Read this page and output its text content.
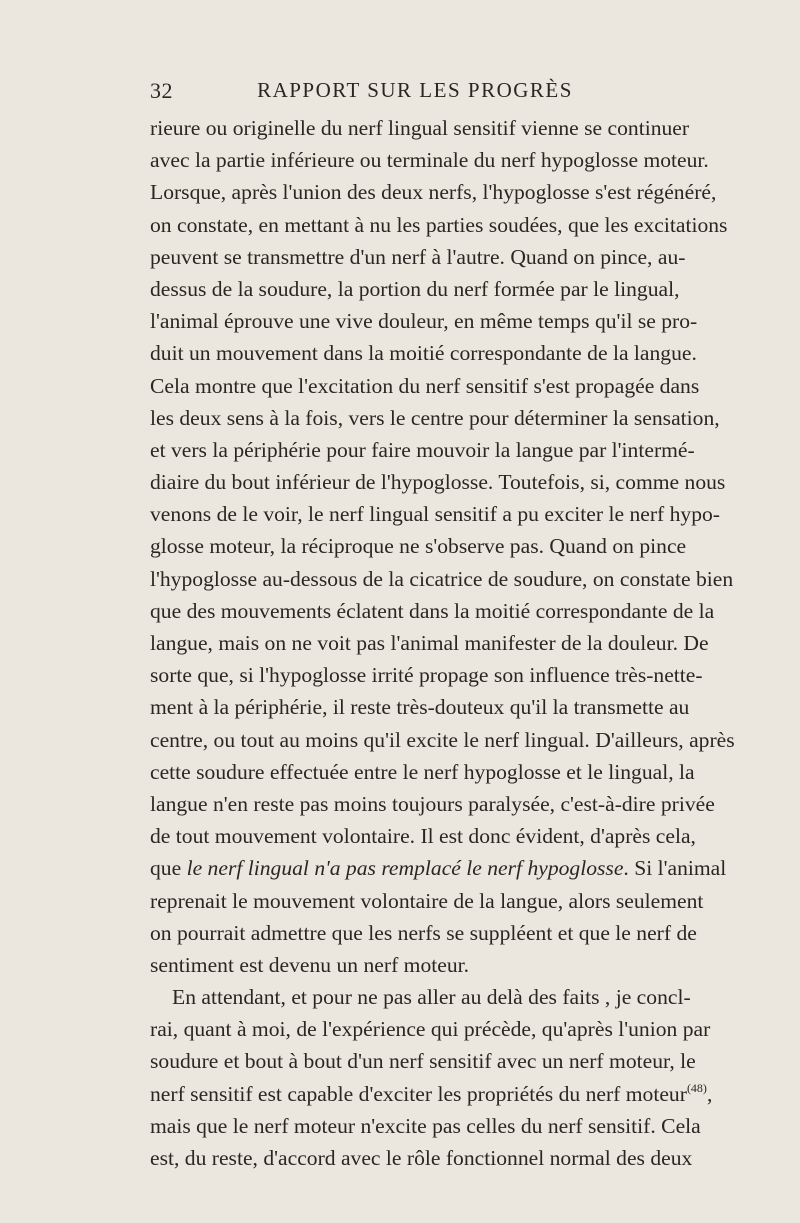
32	RAPPORT SUR LES PROGRÈS
rieure ou originelle du nerf lingual sensitif vienne se continuer
avec la partie inférieure ou terminale du nerf hypoglosse moteur.
Lorsque, après l'union des deux nerfs, l'hypoglosse s'est régénéré,
on constate, en mettant à nu les parties soudées, que les excitations
peuvent se transmettre d'un nerf à l'autre. Quand on pince, au-
dessus de la soudure, la portion du nerf formée par le lingual,
l'animal éprouve une vive douleur, en même temps qu'il se pro-
duit un mouvement dans la moitié correspondante de la langue.
Cela montre que l'excitation du nerf sensitif s'est propagée dans
les deux sens à la fois, vers le centre pour déterminer la sensation,
et vers la périphérie pour faire mouvoir la langue par l'intermé-
diaire du bout inférieur de l'hypoglosse. Toutefois, si, comme nous
venons de le voir, le nerf lingual sensitif a pu exciter le nerf hypo-
glosse moteur, la réciproque ne s'observe pas. Quand on pince
l'hypoglosse au-dessous de la cicatrice de soudure, on constate bien
que des mouvements éclatent dans la moitié correspondante de la
langue, mais on ne voit pas l'animal manifester de la douleur. De
sorte que, si l'hypoglosse irrité propage son influence très-nette-
ment à la périphérie, il reste très-douteux qu'il la transmette au
centre, ou tout au moins qu'il excite le nerf lingual. D'ailleurs, après
cette soudure effectuée entre le nerf hypoglosse et le lingual, la
langue n'en reste pas moins toujours paralysée, c'est-à-dire privée
de tout mouvement volontaire. Il est donc évident, d'après cela,
que le nerf lingual n'a pas remplacé le nerf hypoglosse. Si l'animal
reprenait le mouvement volontaire de la langue, alors seulement
on pourrait admettre que les nerfs se suppléent et que le nerf de
sentiment est devenu un nerf moteur.
En attendant, et pour ne pas aller au delà des faits , je concl-
rai, quant à moi, de l'expérience qui précède, qu'après l'union par
soudure et bout à bout d'un nerf sensitif avec un nerf moteur, le
nerf sensitif est capable d'exciter les propriétés du nerf moteur$^{(48)}$,
mais que le nerf moteur n'excite pas celles du nerf sensitif. Cela
est, du reste, d'accord avec le rôle fonctionnel normal des deux
